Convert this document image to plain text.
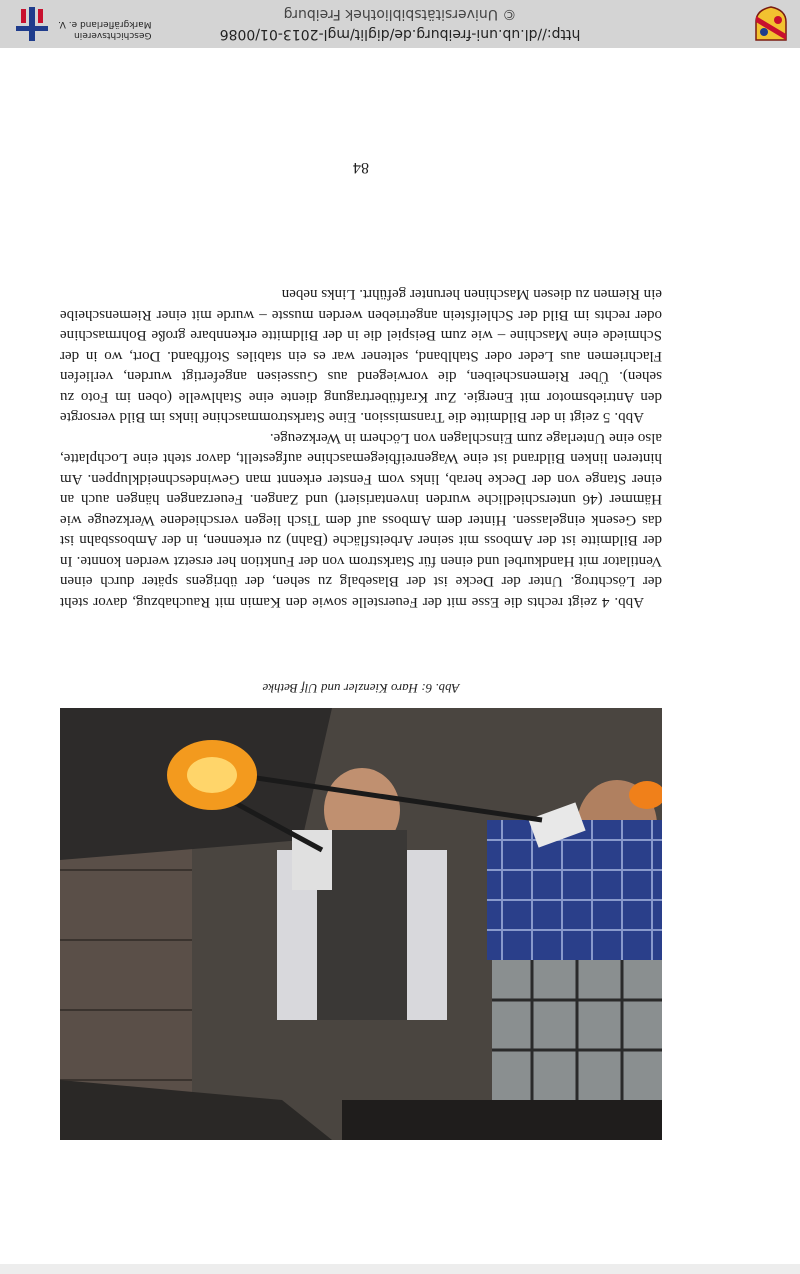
Abb. 6: Haro Kienzler und Ulf Bethke

Abb. 4 zeigt rechts die Esse mit der Feuerstelle sowie den Kamin mit Rauchabzug, davor steht der Löschtrog. Unter der Decke ist der Blasebalg zu sehen, der übrigens später durch einen Ventilator mit Handkurbel und einen für Starkstrom von der Funktion her ersetzt werden konnte. In der Bildmitte ist der Amboss mit seiner Arbeitsfläche (Bahn) zu erkennen, in der Ambossbahn ist das Gesenk eingelassen. Hinter dem Amboss auf dem Tisch liegen verschiedene Werkzeuge wie Hämmer (46 unterschiedliche wurden inventarisiert) und Zangen. Feuerzangen hängen auch an einer Stange von der Decke herab, links vom Fenster erkennt man Gewindeschneidkluppen. Am hinteren linken Bildrand ist eine Wagenreifbiegemaschine aufgestellt, davor steht eine Lochplatte, also eine Unterlage zum Einschlagen von Löchern in Werkzeuge.

Abb. 5 zeigt in der Bildmitte die Transmission. Eine Starkstrommaschine links im Bild versorgte den Antriebsmotor mit Energie. Zur Kraftübertragung diente eine Stahlwelle (oben im Foto zu sehen). Über Riemenscheiben, die vorwiegend aus Gusseisen angefertigt wurden, verliefen Flachriemen aus Leder oder Stahlband, seltener war es ein stabiles Stoffband. Dort, wo in der Schmiede eine Maschine – wie zum Beispiel die in der Bildmitte erkennbare große Bohrmaschine oder rechts im Bild der Schleifstein angetrieben werden musste – wurde mit einer Riemenscheibe ein Riemen zu diesen Maschinen herunter geführt. Links neben

84
http://dl.ub.uni-freiburg.de/diglit/mgl-2013-01/0086
© Universitätsbibliothek Freiburg
Geschichtsverein
Markgräflerland e. V.
